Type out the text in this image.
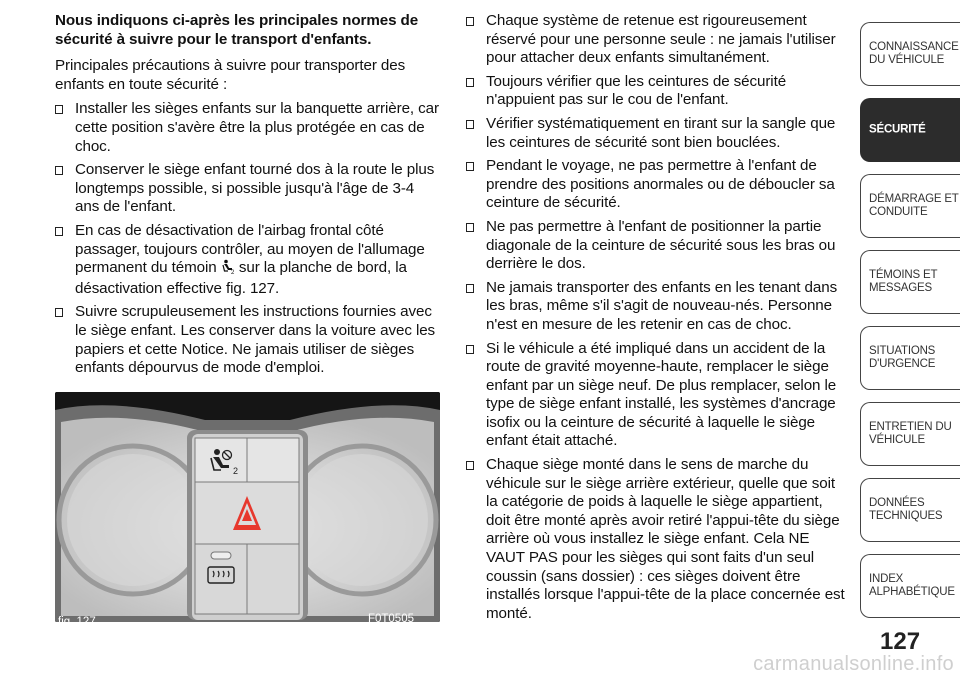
Nous indiquons ci-après les principales normes de sécurité à suivre pour le transport d'enfants.

Principales précautions à suivre pour transporter des enfants en toute sécurité :

Installer les sièges enfants sur la banquette arrière, car cette position s'avère être la plus protégée en cas de choc.
Conserver le siège enfant tourné dos à la route le plus longtemps possible, si possible jusqu'à l'âge de 3-4 ans de l'enfant.
En cas de désactivation de l'airbag frontal côté passager, toujours contrôler, au moyen de l'allumage permanent du témoin 2 sur la planche de bord, la désactivation effective fig. 127.
Suivre scrupuleusement les instructions fournies avec le siège enfant. Les conserver dans la voiture avec les papiers et cette Notice. Ne jamais utiliser de sièges enfants dépourvus de mode d'emploi.
2
fig. 127	F0T0505
Chaque système de retenue est rigoureusement réservé pour une personne seule : ne jamais l'utiliser pour attacher deux enfants simultanément.
Toujours vérifier que les ceintures de sécurité n'appuient pas sur le cou de l'enfant.
Vérifier systématiquement en tirant sur la sangle que les ceintures de sécurité sont bien bouclées.
Pendant le voyage, ne pas permettre à l'enfant de prendre des positions anormales ou de déboucler sa ceinture de sécurité.
Ne pas permettre à l'enfant de positionner la partie diagonale de la ceinture de sécurité sous les bras ou derrière le dos.
Ne jamais transporter des enfants en les tenant dans les bras, même s'il s'agit de nouveau-nés. Personne n'est en mesure de les retenir en cas de choc.
Si le véhicule a été impliqué dans un accident de la route de gravité moyenne-haute, remplacer le siège enfant par un siège neuf. De plus remplacer, selon le type de siège enfant installé, les systèmes d'ancrage isofix ou la ceinture de sécurité à laquelle le siège enfant était attaché.
Chaque siège monté dans le sens de marche du véhicule sur le siège arrière extérieur, quelle que soit la catégorie de poids à laquelle le siège appartient, doit être monté après avoir retiré l'appui-tête du siège arrière où vous installez le siège enfant. Cela NE VAUT PAS pour les sièges qui sont faits d'un seul coussin (sans dossier) : ces sièges doivent être installés lorsque l'appui-tête de la place concernée est monté.
CONNAISSANCE
DU VÉHICULE
SÉCURITÉ
DÉMARRAGE ET
CONDUITE
TÉMOINS ET
MESSAGES
SITUATIONS
D'URGENCE
ENTRETIEN DU
VÉHICULE
DONNÉES
TECHNIQUES
INDEX
ALPHABÉTIQUE
127
carmanualsonline.info
